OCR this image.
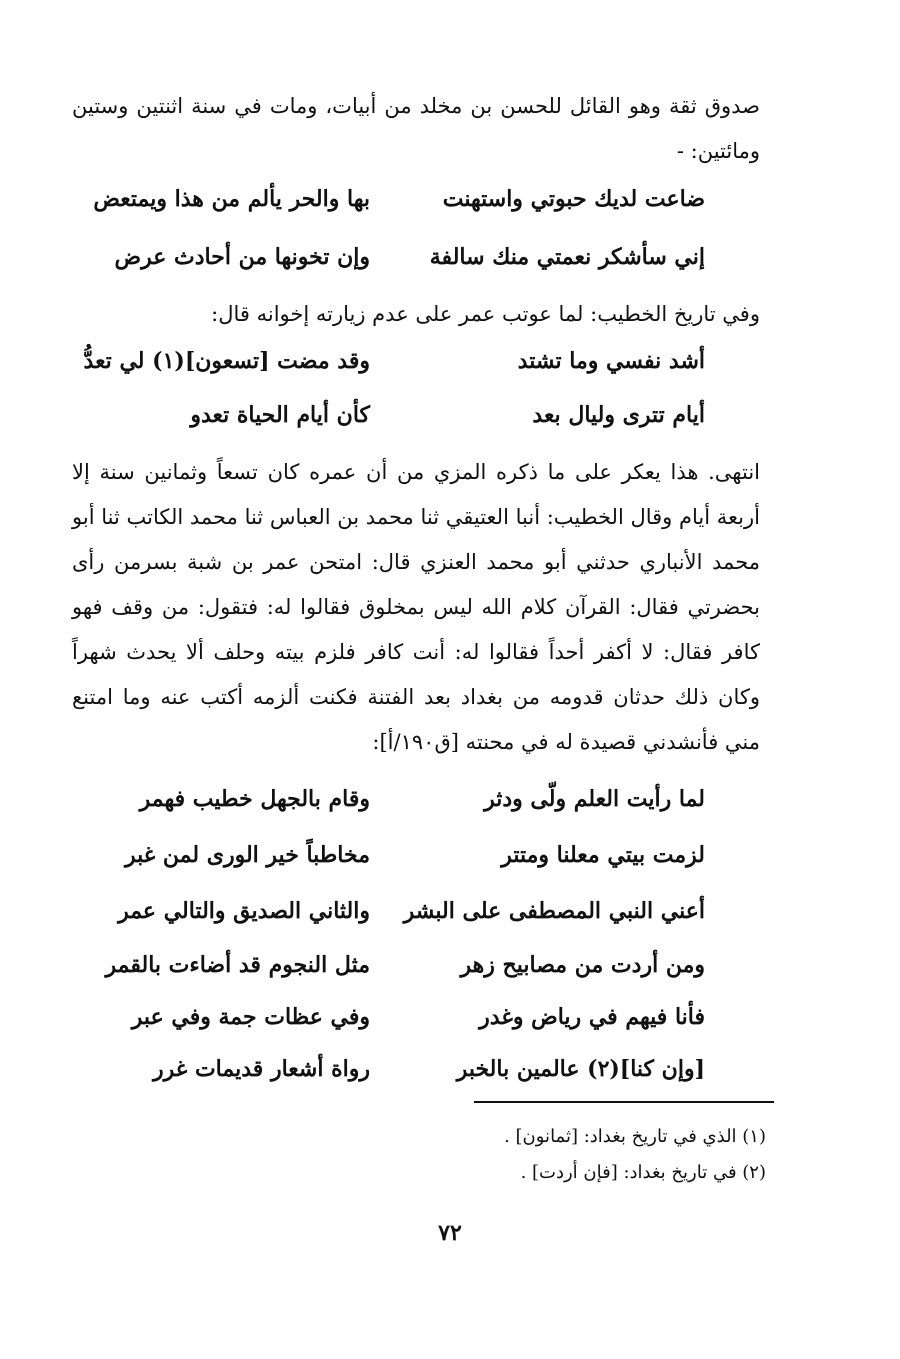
صدوق ثقة وهو القائل للحسن بن مخلد من أبيات، ومات في سنة اثنتين وستين ومائتين: -

ضاعت لديك حبوتي واستهنت
بها والحر يألم من هذا ويمتعض
إني سأشكر نعمتي منك سالفة
وإن تخونها من أحادث عرض

وفي تاريخ الخطيب: لما عوتب عمر على عدم زيارته إخوانه قال:

أشد نفسي وما تشتد
وقد مضت [تسعون](١) لي تعدُّ
أيام تترى وليال بعد
كأن أيام الحياة تعدو

انتهى. هذا يعكر على ما ذكره المزي من أن عمره كان تسعاً وثمانين سنة إلا أربعة أيام وقال الخطيب: أنبا العتيقي ثنا محمد بن العباس ثنا محمد الكاتب ثنا أبو محمد الأنباري حدثني أبو محمد العنزي قال: امتحن عمر بن شبة بسرمن رأى بحضرتي فقال: القرآن كلام الله ليس بمخلوق فقالوا له: فتقول: من وقف فهو كافر فقال: لا أكفر أحداً فقالوا له: أنت كافر فلزم بيته وحلف ألا يحدث شهراً وكان ذلك حدثان قدومه من بغداد بعد الفتنة فكنت ألزمه أكتب عنه وما امتنع مني فأنشدني قصيدة له في محنته [ق١٩٠/أ]:

لما رأيت العلم ولّى ودثر
وقام بالجهل خطيب فهمر
لزمت بيتي معلنا ومتتر
مخاطباً خير الورى لمن غبر
أعني النبي المصطفى على البشر
والثاني الصديق والتالي عمر
ومن أردت من مصابيح زهر
مثل النجوم قد أضاءت بالقمر
فأنا فيهم في رياض وغدر
وفي عظات جمة وفي عبر
[وإن كنا](٢) عالمين بالخبر
رواة أشعار قديمات غرر
(١) الذي في تاريخ بغداد: [ثمانون] .
(٢) في تاريخ بغداد: [فإن أردت] .
٧٢
